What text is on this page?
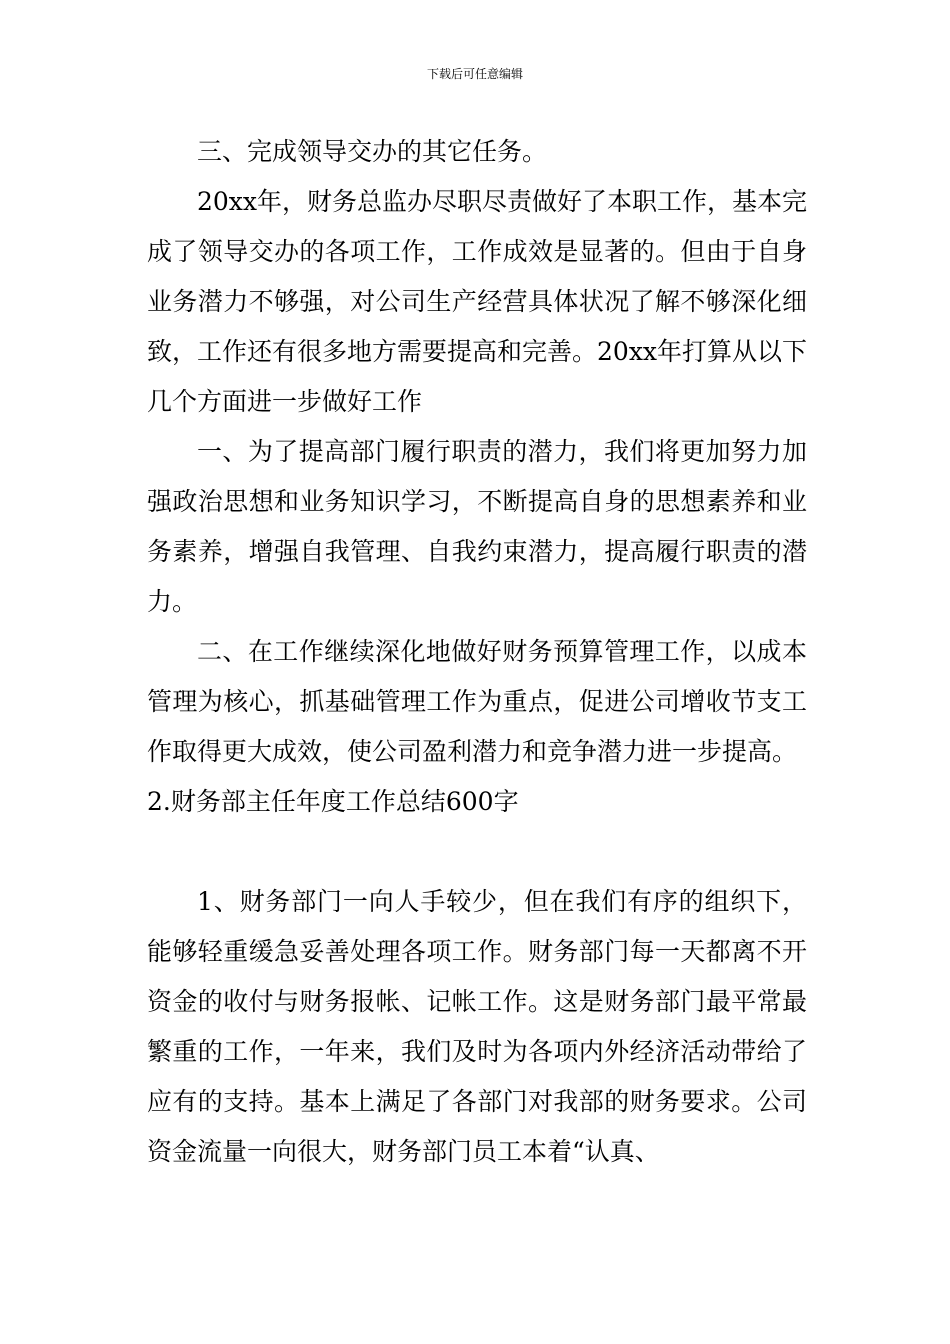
下载后可任意编辑

三、完成领导交办的其它任务。

20xx年，财务总监办尽职尽责做好了本职工作，基本完成了领导交办的各项工作，工作成效是显著的。但由于自身业务潜力不够强，对公司生产经营具体状况了解不够深化细致，工作还有很多地方需要提高和完善。20xx年打算从以下几个方面进一步做好工作

一、为了提高部门履行职责的潜力，我们将更加努力加强政治思想和业务知识学习，不断提高自身的思想素养和业务素养，增强自我管理、自我约束潜力，提高履行职责的潜力。

二、在工作继续深化地做好财务预算管理工作，以成本管理为核心，抓基础管理工作为重点，促进公司增收节支工作取得更大成效，使公司盈利潜力和竞争潜力进一步提高。

2.财务部主任年度工作总结600字

1、财务部门一向人手较少，但在我们有序的组织下，能够轻重缓急妥善处理各项工作。财务部门每一天都离不开资金的收付与财务报帐、记帐工作。这是财务部门最平常最繁重的工作，一年来，我们及时为各项内外经济活动带给了应有的支持。基本上满足了各部门对我部的财务要求。公司资金流量一向很大，财务部门员工本着“认真、
